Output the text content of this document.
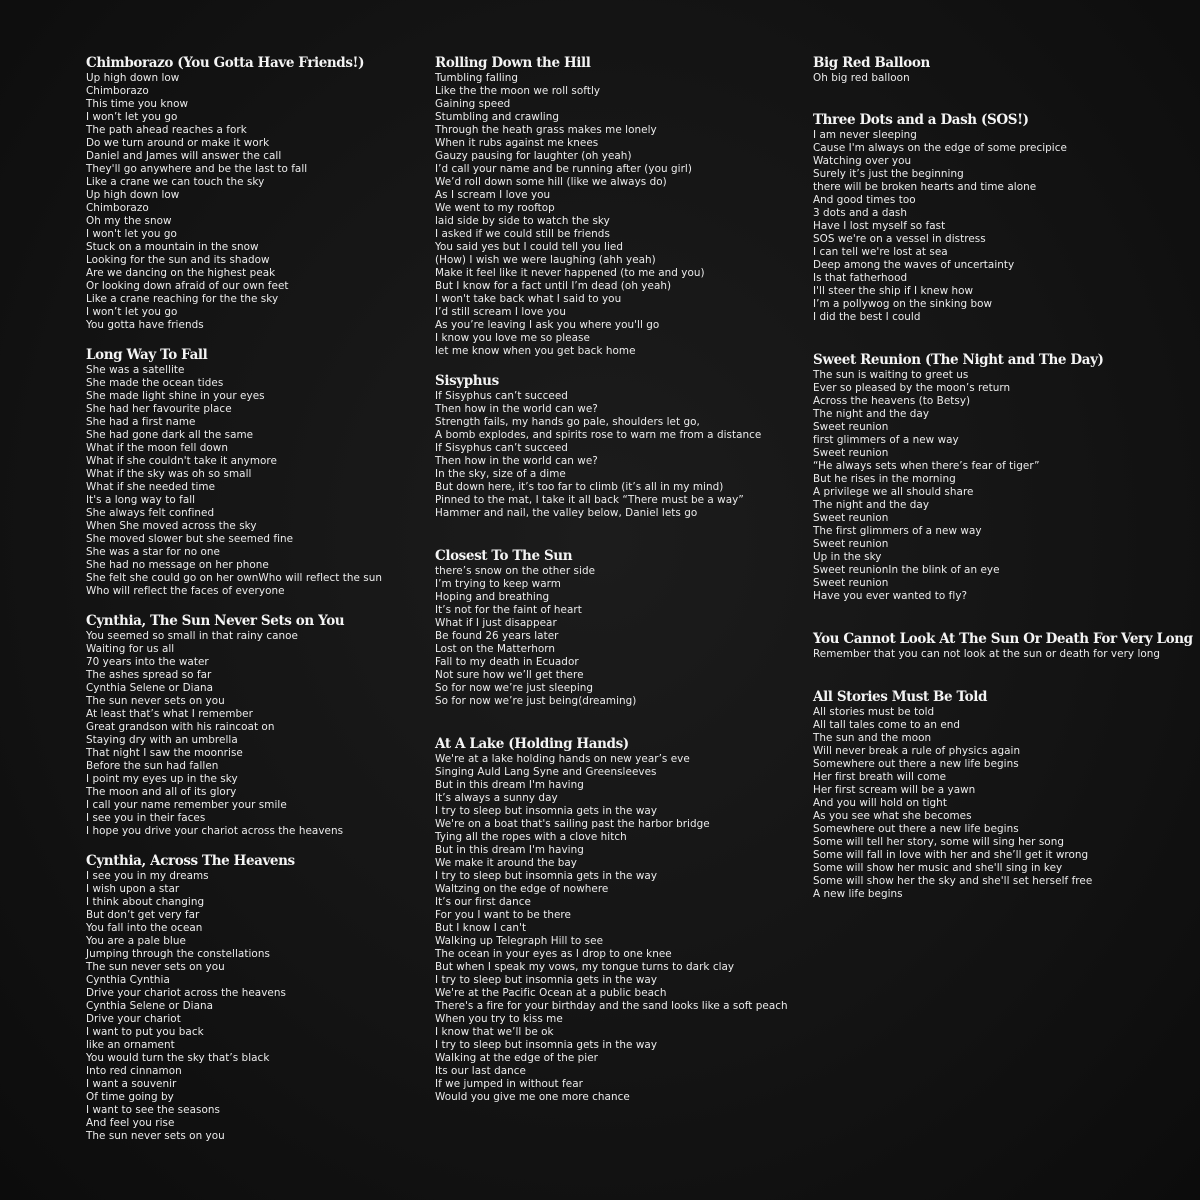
Chimborazo (You Gotta Have Friends!)
Up high down low
Chimborazo
This time you know
I won’t let you go
The path ahead reaches a fork
Do we turn around or make it work
Daniel and James will answer the call
They'll go anywhere and be the last to fall
Like a crane we can touch the sky
Up high down low
Chimborazo
Oh my the snow
I won't let you go
Stuck on a mountain in the snow
Looking for the sun and its shadow
Are we dancing on the highest peak
Or looking down afraid of our own feet
Like a crane reaching for the the sky
I won’t let you go
You gotta have friends
Long Way To Fall
She was a satellite
She made the ocean tides
She made light shine in your eyes
She had her favourite place
She had a first name
She had gone dark all the same
What if the moon fell down
What if she couldn't take it anymore
What if the sky was oh so small
What if she needed time
It's a long way to fall
She always felt confined
When She moved across the sky
She moved slower but she seemed fine
She was a star for no one
She had no message on her phone
She felt she could go on her ownWho will reflect the sun
Who will reflect the faces of everyone
Cynthia, The Sun Never Sets on You
You seemed so small in that rainy canoe
Waiting for us all
70 years into the water
The ashes spread so far
Cynthia Selene or Diana
The sun never sets on you
At least that’s what I remember
Great grandson with his raincoat on
Staying dry with an umbrella
That night I saw the moonrise
Before the sun had fallen
I point my eyes up in the sky
The moon and all of its glory
I call your name remember your smile
I see you in their faces
I hope you drive your chariot across the heavens
Cynthia, Across The Heavens
I see you in my dreams
I wish upon a star
I think about changing
But don’t get very far
You fall into the ocean
You are a pale blue
Jumping through the constellations
The sun never sets on you
Cynthia Cynthia
Drive your chariot across the heavens
Cynthia Selene or Diana
Drive your chariot
I want to put you back
like an ornament
You would turn the sky that’s black
Into red cinnamon
I want a souvenir
Of time going by
I want to see the seasons
And feel you rise
The sun never sets on you
Rolling Down the Hill
Tumbling falling
Like the the moon we roll softly
Gaining speed
Stumbling and crawling
Through the heath grass makes me lonely
When it rubs against me knees
Gauzy pausing for laughter (oh yeah)
I’d call your name and be running after (you girl)
We’d roll down some hill (like we always do)
As I scream I love you
We went to my rooftop
laid side by side to watch the sky
I asked if we could still be friends
You said yes but I could tell you lied
(How) I wish we were laughing (ahh yeah)
Make it feel like it never happened (to me and you)
But I know for a fact until I’m dead (oh yeah)
I won't take back what I said to you
I’d still scream I love you
As you’re leaving I ask you where you'll go
I know you love me so please
let me know when you get back home
Sisyphus
If Sisyphus can’t succeed
Then how in the world can we?
Strength fails, my hands go pale, shoulders let go,
A bomb explodes, and spirits rose to warn me from a distance
If Sisyphus can’t succeed
Then how in the world can we?
In the sky, size of a dime
But down here, it’s too far to climb (it’s all in my mind)
Pinned to the mat, I take it all back “There must be a way”
Hammer and nail, the valley below, Daniel lets go
Closest To The Sun
there’s snow on the other side
I’m trying to keep warm
Hoping and breathing
It’s not for the faint of heart
What if I just disappear
Be found 26 years later
Lost on the Matterhorn
Fall to my death in Ecuador
Not sure how we’ll get there
So for now we’re just sleeping
So for now we’re just being(dreaming)
At A Lake (Holding Hands)
We're at a lake holding hands on new year’s eve
Singing Auld Lang Syne and Greensleeves
But in this dream I'm having
It’s always a sunny day
I try to sleep but insomnia gets in the way
We're on a boat that's sailing past the harbor bridge
Tying all the ropes with a clove hitch
But in this dream I'm having
We make it around the bay
I try to sleep but insomnia gets in the way
Waltzing on the edge of nowhere
It’s our first dance
For you I want to be there
But I know I can't
Walking up Telegraph Hill to see
The ocean in your eyes as I drop to one knee
But when I speak my vows, my tongue turns to dark clay
I try to sleep but insomnia gets in the way
We're at the Pacific Ocean at a public beach
There's a fire for your birthday and the sand looks like a soft peach
When you try to kiss me
I know that we’ll be ok
I try to sleep but insomnia gets in the way
Walking at the edge of the pier
Its our last dance
If we jumped in without fear
Would you give me one more chance
Big Red Balloon
Oh big red balloon
Three Dots and a Dash (SOS!)
I am never sleeping
Cause I'm always on the edge of some precipice
Watching over you
Surely it’s just the beginning
there will be broken hearts and time alone
And good times too
3 dots and a dash
Have I lost myself so fast
SOS we're on a vessel in distress
I can tell we're lost at sea
Deep among the waves of uncertainty
Is that fatherhood
I'll steer the ship if I knew how
I’m a pollywog on the sinking bow
I did the best I could
Sweet Reunion (The Night and The Day)
The sun is waiting to greet us
Ever so pleased by the moon’s return
Across the heavens (to Betsy)
The night and the day
Sweet reunion
first glimmers of a new way
Sweet reunion
“He always sets when there’s fear of tiger”
But he rises in the morning
A privilege we all should share
The night and the day
Sweet reunion
The first glimmers of a new way
Sweet reunion
Up in the sky
Sweet reunionIn the blink of an eye
Sweet reunion
Have you ever wanted to fly?
You Cannot Look At The Sun Or Death For Very Long
Remember that you can not look at the sun or death for very long
All Stories Must Be Told
All stories must be told
All tall tales come to an end
The sun and the moon
Will never break a rule of physics again
Somewhere out there a new life begins
Her first breath will come
Her first scream will be a yawn
And you will hold on tight
As you see what she becomes
Somewhere out there a new life begins
Some will tell her story, some will sing her song
Some will fall in love with her and she’ll get it wrong
Some will show her music and she'll sing in key
Some will show her the sky and she'll set herself free
A new life begins
